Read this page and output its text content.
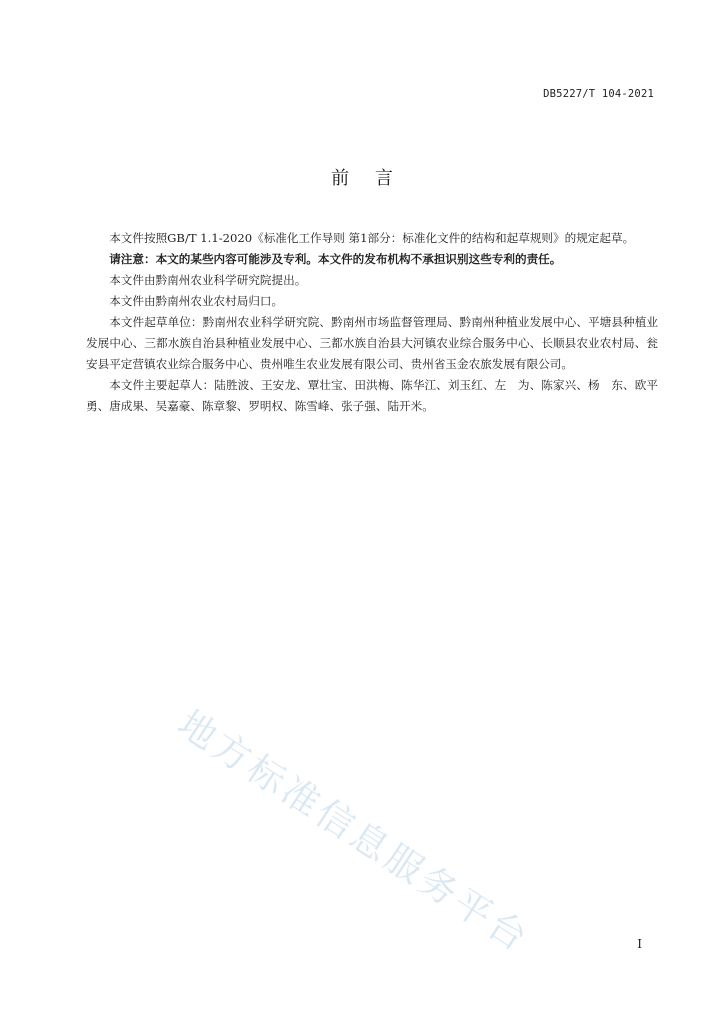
DB5227/T 104-2021
前 言

本文件按照GB/T 1.1-2020《标准化工作导则 第1部分：标准化文件的结构和起草规则》的规定起草。

请注意：本文的某些内容可能涉及专利。本文件的发布机构不承担识别这些专利的责任。

本文件由黔南州农业科学研究院提出。

本文件由黔南州农业农村局归口。

本文件起草单位：黔南州农业科学研究院、黔南州市场监督管理局、黔南州种植业发展中心、平塘县种植业发展中心、三都水族自治县种植业发展中心、三都水族自治县大河镇农业综合服务中心、长顺县农业农村局、瓮安县平定营镇农业综合服务中心、贵州唯生农业发展有限公司、贵州省玉金农旅发展有限公司。

本文件主要起草人：陆胜波、王安龙、覃壮宝、田洪梅、陈华江、刘玉红、左　为、陈家兴、杨　东、欧平勇、唐成果、吴嘉豪、陈章黎、罗明权、陈雪峰、张子强、陆开米。

地方标准信息服务平台	I
